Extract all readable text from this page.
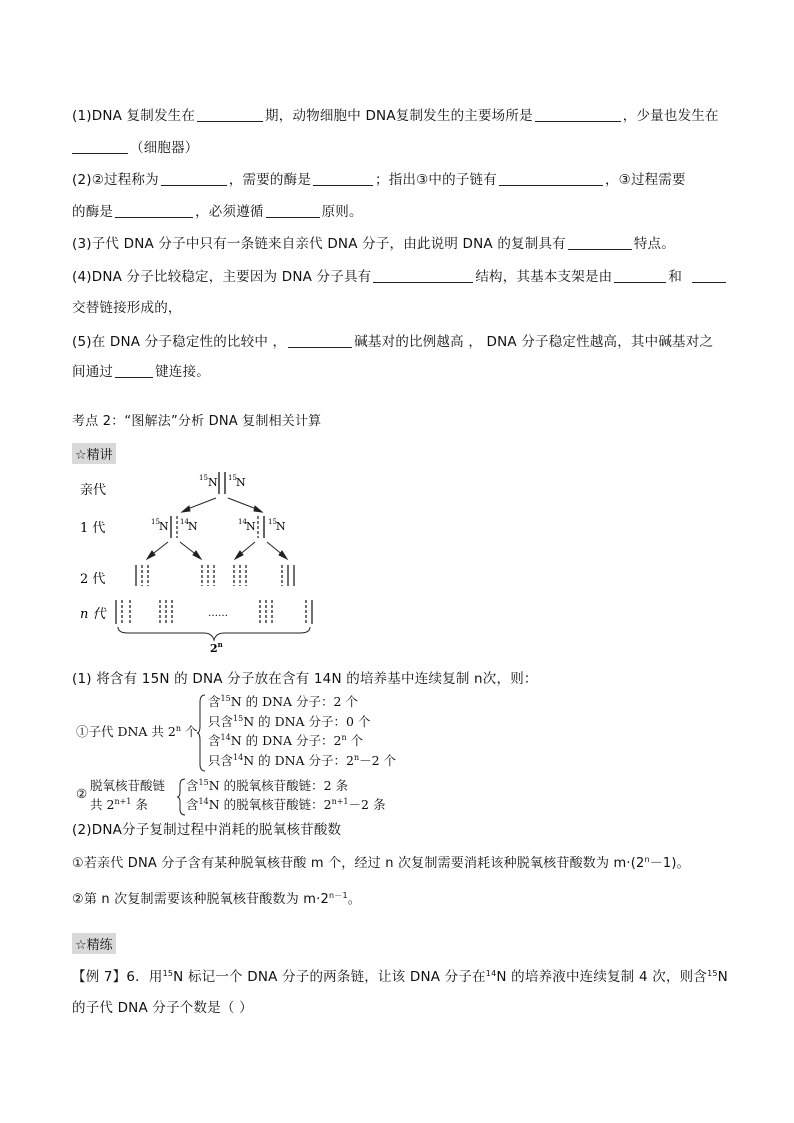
(1)DNA 复制发生在	期，动物细胞中 DNA复制发生的主要场所是	，少量也发生在
（细胞器）
(2)②过程称为	，需要的酶是	；指出③中的子链有	，③过程需要
的酶是	，必须遵循	原则。
(3)子代 DNA 分子中只有一条链来自亲代 DNA 分子，由此说明 DNA 的复制具有	特点。
(4)DNA 分子比较稳定，主要因为 DNA 分子具有	结构，其基本支架是由	和
交替链接形成的，
(5)在 DNA 分子稳定性的比较中 ，	碱基对的比例越高 ， DNA 分子稳定性越高，其中碱基对之
间通过	键连接。
考点 2：“图解法”分析 DNA 复制相关计算
☆精讲
亲代
1 代
2 代
n 代
15 N 15 N
15 N 14 N	14 N 15 N
……
2$^n$
(1) 将含有 15N 的 DNA 分子放在含有 14N 的培养基中连续复制 n次，则：
①子代 DNA 共 2$^n$ 个
含$^{15}$N 的 DNA 分子：2 个
只含$^{15}$N 的 DNA 分子：0 个
含$^{14}$N 的 DNA 分子：2$^n$ 个
只含$^{14}$N 的 DNA 分子：$2^n-2$ 个
②
脱氧核苷酸链
共 $2^{n+1}$ 条
含$^{15}$N 的脱氧核苷酸链：2 条
含$^{14}$N 的脱氧核苷酸链：$2^{n+1}-2$ 条
(2)DNA分子复制过程中消耗的脱氧核苷酸数
①若亲代 DNA 分子含有某种脱氧核苷酸 m 个，经过 n 次复制需要消耗该种脱氧核苷酸数为 $m\cdot(2^n-1)$。
②第 n 次复制需要该种脱氧核苷酸数为 $m\cdot 2^{n-1}$。
☆精练
【例 7】6．用$^{15}$N 标记一个 DNA 分子的两条链，让该 DNA 分子在$^{14}$N 的培养液中连续复制 4 次，则含$^{15}$N
的子代 DNA 分子个数是（ ）
